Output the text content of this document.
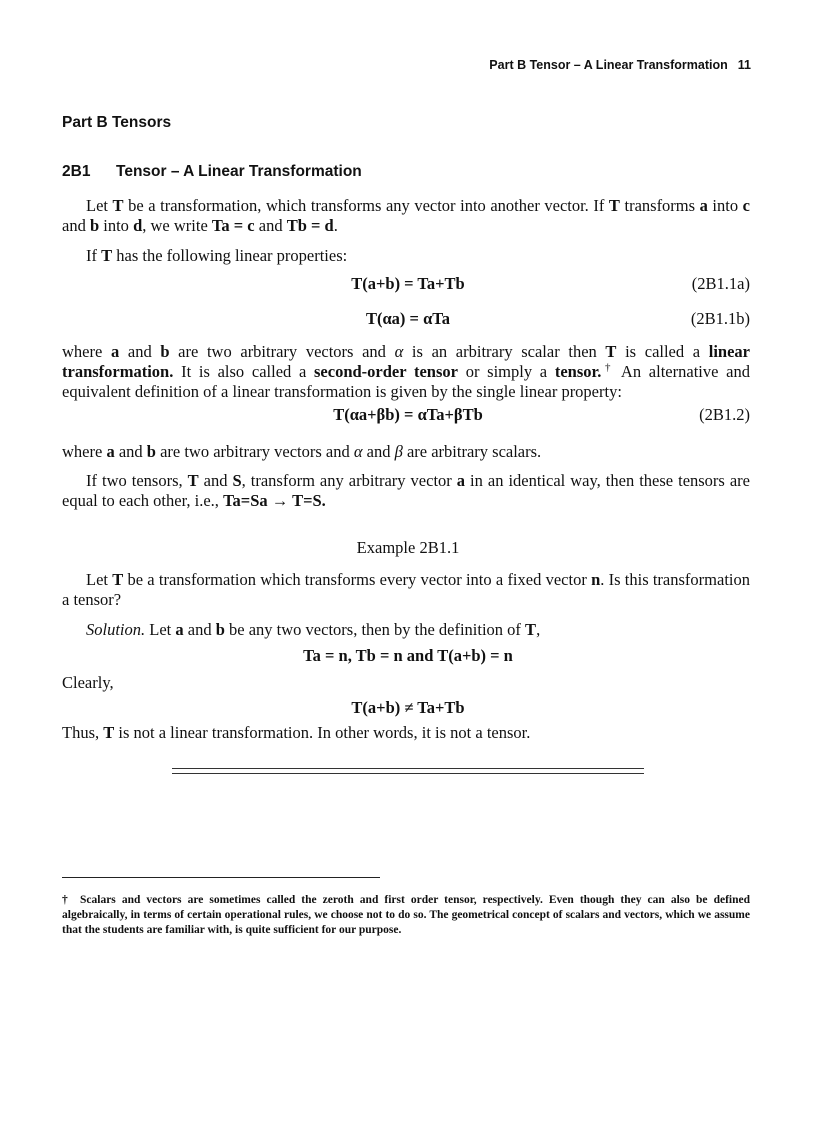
Part B Tensor – A Linear Transformation 11
Part B Tensors
2B1 Tensor – A Linear Transformation
Let T be a transformation, which transforms any vector into another vector. If T transforms a into c and b into d, we write Ta = c and Tb = d.
If T has the following linear properties:
T(a+b) = Ta+Tb	(2B1.1a)
T(αa) = αTa	(2B1.1b)
where a and b are two arbitrary vectors and α is an arbitrary scalar then T is called a linear transformation. It is also called a second-order tensor or simply a tensor.† An alternative and equivalent definition of a linear transformation is given by the single linear property:
T(αa+βb) = αTa+βTb	(2B1.2)
where a and b are two arbitrary vectors and α and β are arbitrary scalars.
If two tensors, T and S, transform any arbitrary vector a in an identical way, then these tensors are equal to each other, i.e., Ta=Sa → T=S.
Example 2B1.1
Let T be a transformation which transforms every vector into a fixed vector n. Is this transformation a tensor?
Solution. Let a and b be any two vectors, then by the definition of T,
Ta = n, Tb = n and T(a+b) = n
Clearly,
T(a+b) ≠ Ta+Tb
Thus, T is not a linear transformation. In other words, it is not a tensor.
† Scalars and vectors are sometimes called the zeroth and first order tensor, respectively. Even though they can also be defined algebraically, in terms of certain operational rules, we choose not to do so. The geometrical concept of scalars and vectors, which we assume that the students are familiar with, is quite sufficient for our purpose.
